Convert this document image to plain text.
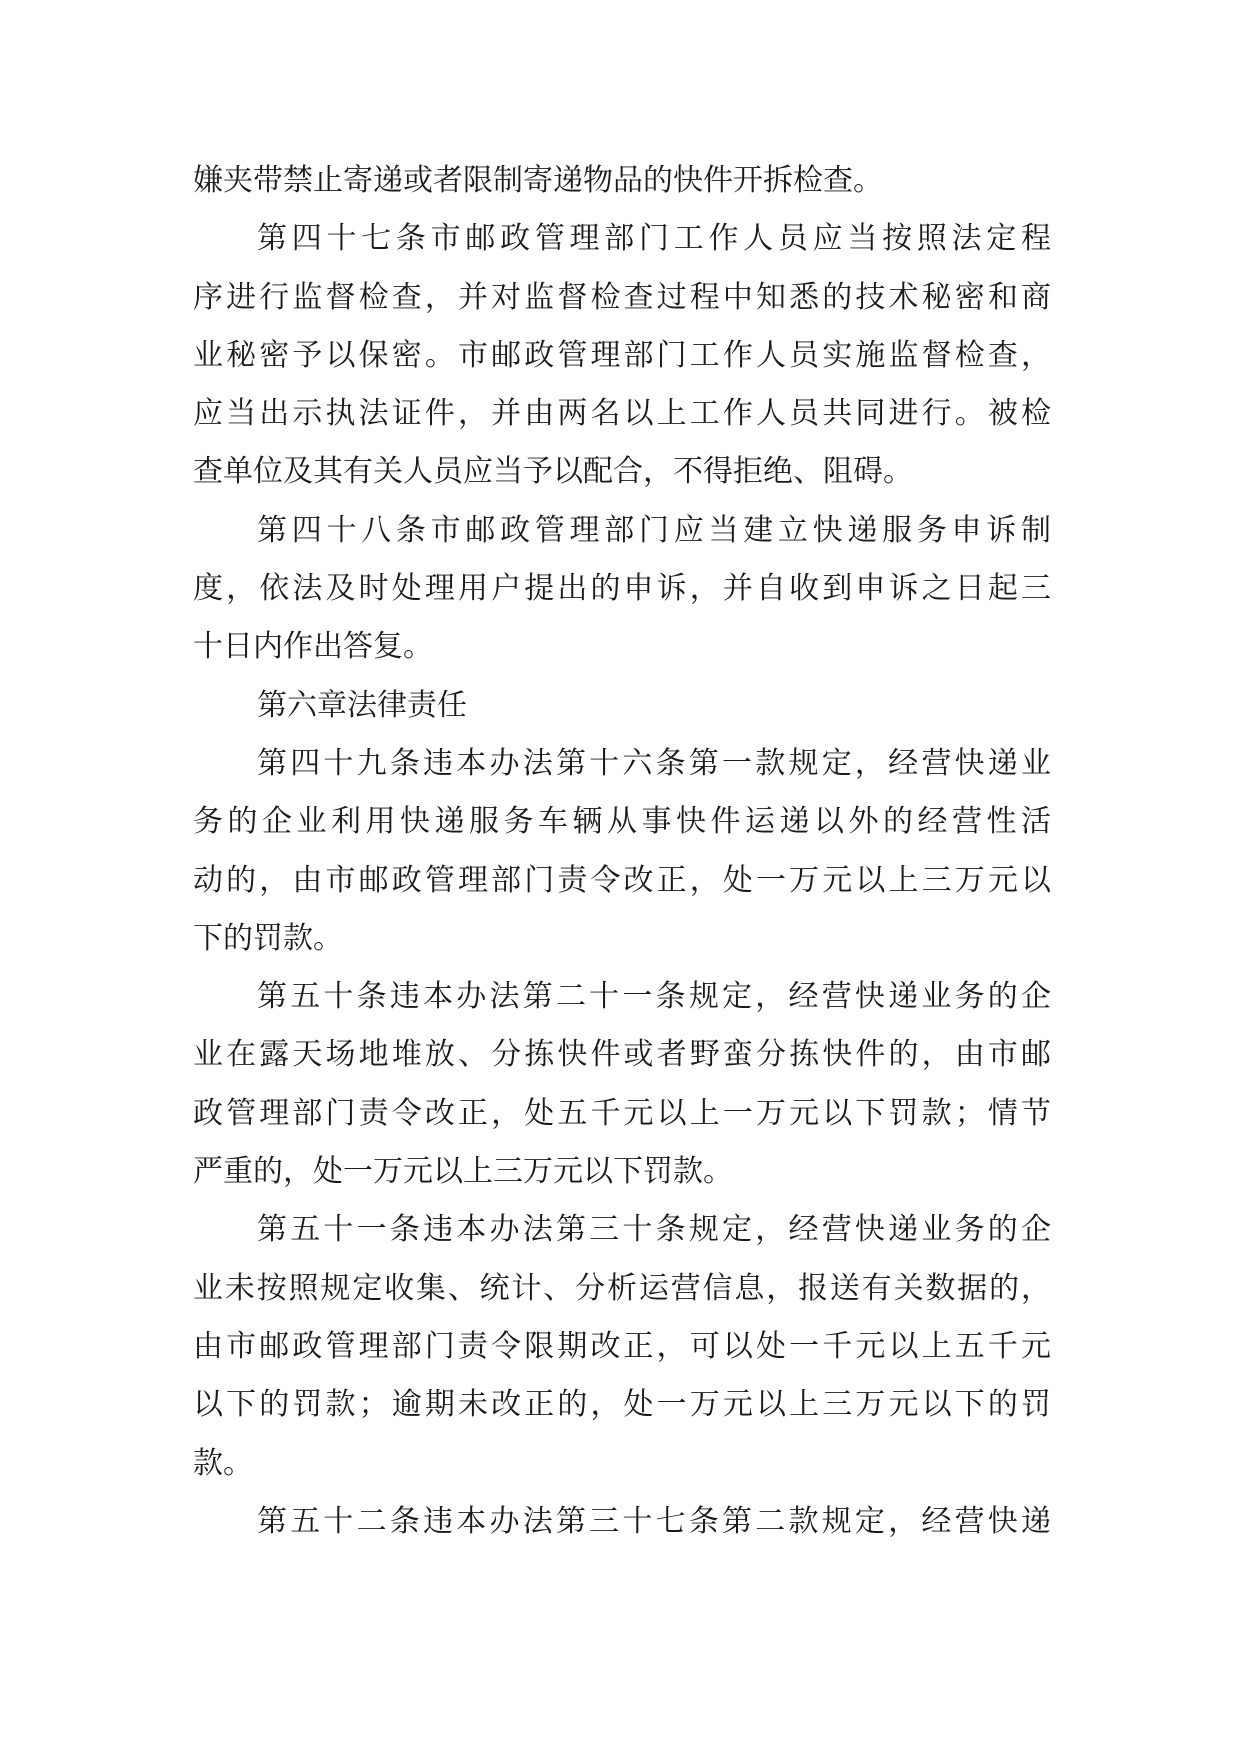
嫌夹带禁止寄递或者限制寄递物品的快件开拆检查。
第四十七条市邮政管理部门工作人员应当按照法定程
序进行监督检查，并对监督检查过程中知悉的技术秘密和商
业秘密予以保密。市邮政管理部门工作人员实施监督检查，
应当出示执法证件，并由两名以上工作人员共同进行。被检
查单位及其有关人员应当予以配合，不得拒绝、阻碍。
第四十八条市邮政管理部门应当建立快递服务申诉制
度，依法及时处理用户提出的申诉，并自收到申诉之日起三
十日内作出答复。
第六章法律责任
第四十九条违本办法第十六条第一款规定，经营快递业
务的企业利用快递服务车辆从事快件运递以外的经营性活
动的，由市邮政管理部门责令改正，处一万元以上三万元以
下的罚款。
第五十条违本办法第二十一条规定，经营快递业务的企
业在露天场地堆放、分拣快件或者野蛮分拣快件的，由市邮
政管理部门责令改正，处五千元以上一万元以下罚款；情节
严重的，处一万元以上三万元以下罚款。
第五十一条违本办法第三十条规定，经营快递业务的企
业未按照规定收集、统计、分析运营信息，报送有关数据的，
由市邮政管理部门责令限期改正，可以处一千元以上五千元
以下的罚款；逾期未改正的，处一万元以上三万元以下的罚
款。
第五十二条违本办法第三十七条第二款规定，经营快递
